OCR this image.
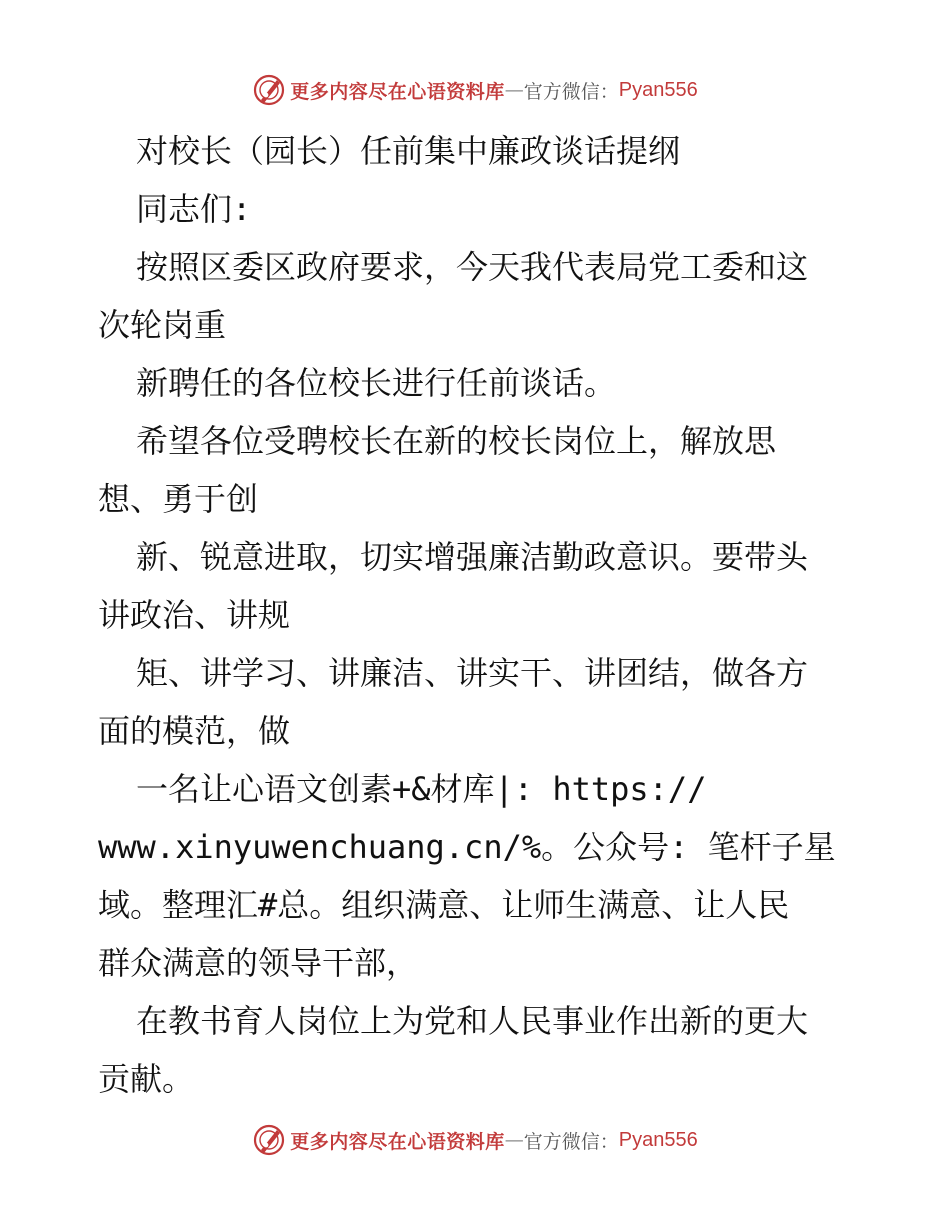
更多内容尽在心语资料库 — 官方微信： Pyan556
对校长（园长）任前集中廉政谈话提纲
同志们:
按照区委区政府要求，今天我代表局党工委和这
次轮岗重
新聘任的各位校长进行任前谈话。
希望各位受聘校长在新的校长岗位上，解放思
想、勇于创
新、锐意进取，切实增强廉洁勤政意识。要带头
讲政治、讲规
矩、讲学习、讲廉洁、讲实干、讲团结，做各方
面的模范，做
一名让心语文创素+&材库|: https://
www.xinyuwenchuang.cn/%。公众号: 笔杆子星
域。整理汇#总。组织满意、让师生满意、让人民
群众满意的领导干部，
在教书育人岗位上为党和人民事业作出新的更大
贡献。
更多内容尽在心语资料库 — 官方微信： Pyan556
